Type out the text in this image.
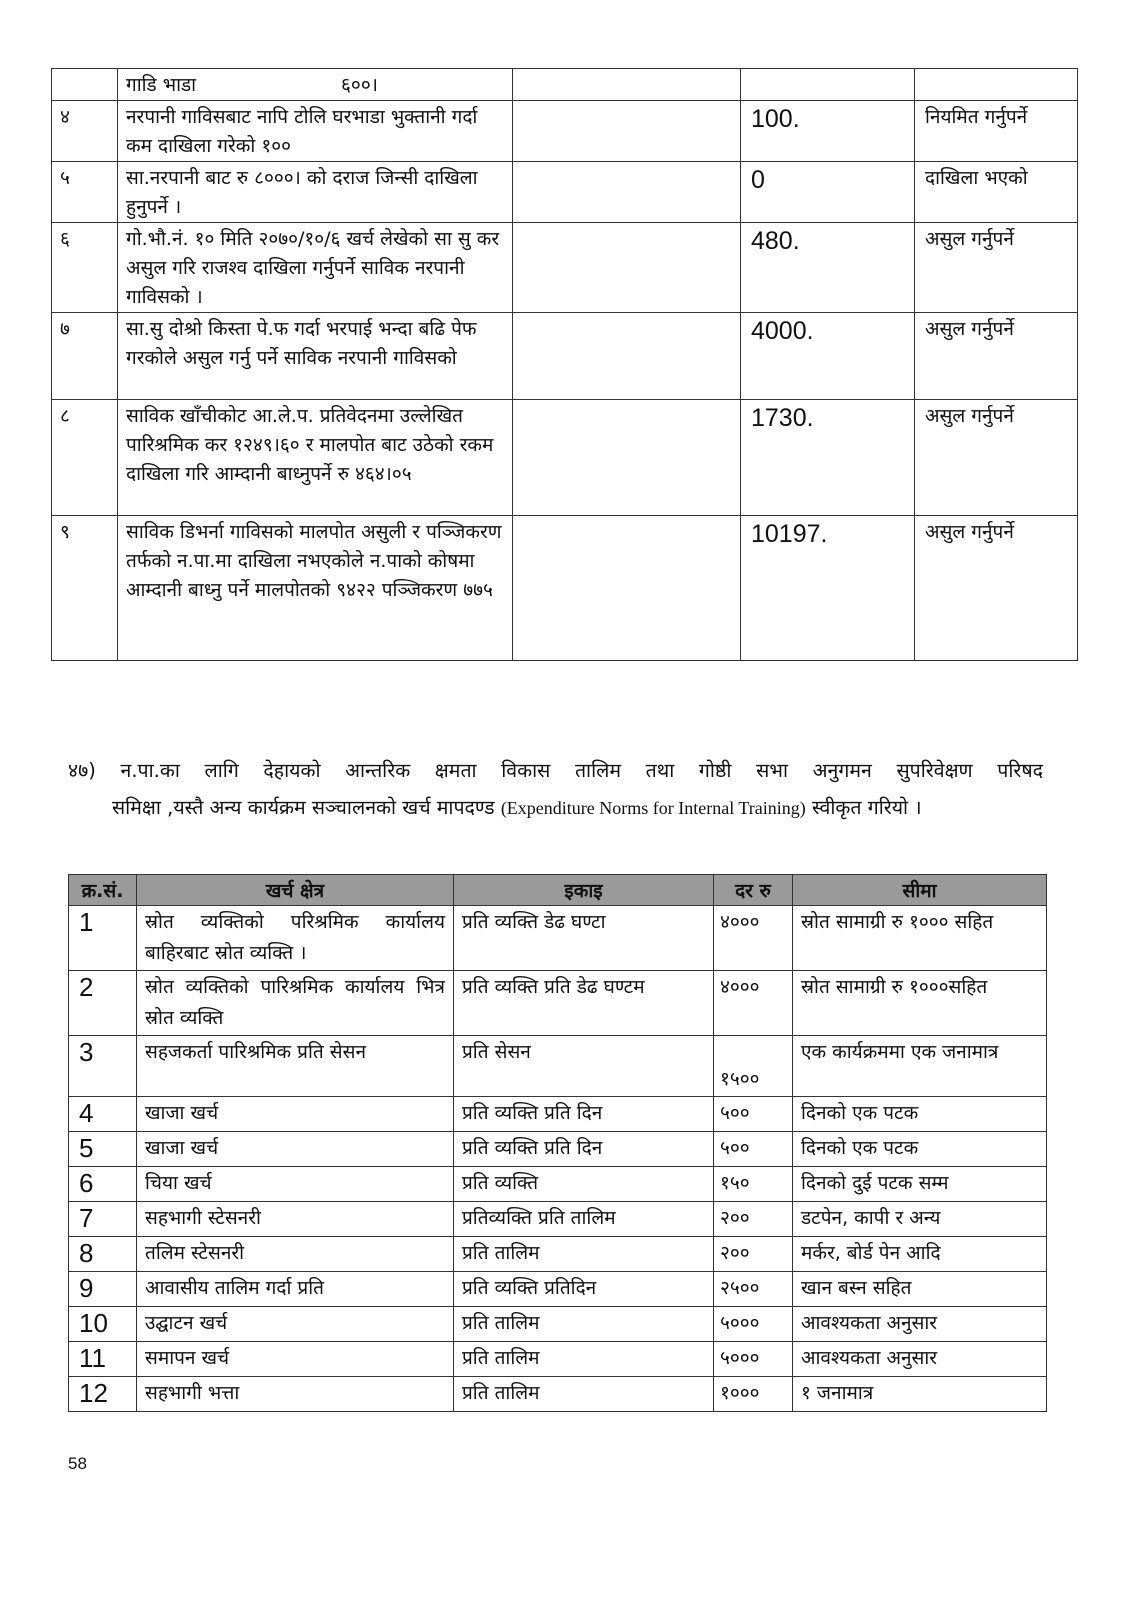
	गाडि भाडा                        ६००।			
४	नरपानी गाविसबाट नापि टोलि घरभाडा भुक्तानी गर्दा कम दाखिला गरेको १००		100.	नियमित गर्नुपर्ने
५	सा.नरपानी बाट रु ८०००। को दराज जिन्सी दाखिला हुनुपर्ने ।		0	दाखिला भएको
६	गो.भौ.नं. १० मिति २०७०/१०/६ खर्च लेखेको सा सु कर असुल गरि राजश्व दाखिला गर्नुपर्ने साविक नरपानी गाविसको ।		480.	असुल गर्नुपर्ने
७	सा.सु दोश्रो किस्ता पे.फ गर्दा भरपाई भन्दा बढि पेफ गरकोले असुल गर्नु पर्ने साविक नरपानी गाविसको		4000.	असुल गर्नुपर्ने
८	साविक खाँचीकोट आ.ले.प. प्रतिवेदनमा उल्लेखित पारिश्रमिक कर १२४९।६० र मालपोत बाट उठेको रकम दाखिला गरि आम्दानी बाध्नुपर्ने रु ४६४।०५		1730.	असुल गर्नुपर्ने
९	साविक डिभर्ना गाविसको मालपोत असुली र पञ्जिकरण तर्फको न.पा.मा दाखिला नभएकोले न.पाको कोषमा आम्दानी बाध्नु पर्ने मालपोतको ९४२२ पञ्जिकरण ७७५		10197.	असुल गर्नुपर्ने
४७) न.पा.का लागि देहायको आन्तरिक क्षमता विकास तालिम तथा गोष्ठी सभा अनुगमन सुपरिवेक्षण परिषद
समिक्षा ,यस्तै अन्य कार्यक्रम सञ्चालनको खर्च मापदण्ड (Expenditure Norms for Internal Training) स्वीकृत गरियो ।
क्र.सं.	खर्च क्षेत्र	इकाइ	दर रु	सीमा
1	स्रोत व्यक्तिको परिश्रमिक कार्यालय बाहिरबाट स्रोत व्यक्ति ।	प्रति व्यक्ति डेढ घण्टा	४०००	स्रोत सामाग्री रु १००० सहित
2	स्रोत व्यक्तिको पारिश्रमिक कार्यालय भित्र स्रोत व्यक्ति	प्रति व्यक्ति प्रति डेढ घण्टम	४०००	स्रोत सामाग्री रु १०००सहित
3	सहजकर्ता पारिश्रमिक प्रति सेसन	प्रति सेसन	१५००	एक कार्यक्रममा एक जनामात्र
4	खाजा खर्च	प्रति व्यक्ति प्रति दिन	५००	दिनको एक पटक
5	खाजा खर्च	प्रति व्यक्ति प्रति दिन	५००	दिनको एक पटक
6	चिया खर्च	प्रति व्यक्ति	१५०	दिनको दुई पटक सम्म
7	सहभागी स्टेसनरी	प्रतिव्यक्ति प्रति तालिम	२००	डटपेन, कापी र अन्य
8	तलिम स्टेसनरी	प्रति तालिम	२००	मर्कर, बोर्ड पेन आदि
9	आवासीय तालिम गर्दा प्रति	प्रति व्यक्ति प्रतिदिन	२५००	खान बस्न सहित
10	उद्घाटन खर्च	प्रति तालिम	५०००	आवश्यकता अनुसार
11	समापन खर्च	प्रति तालिम	५०००	आवश्यकता अनुसार
12	सहभागी भत्ता	प्रति तालिम	१०००	१ जनामात्र
58
